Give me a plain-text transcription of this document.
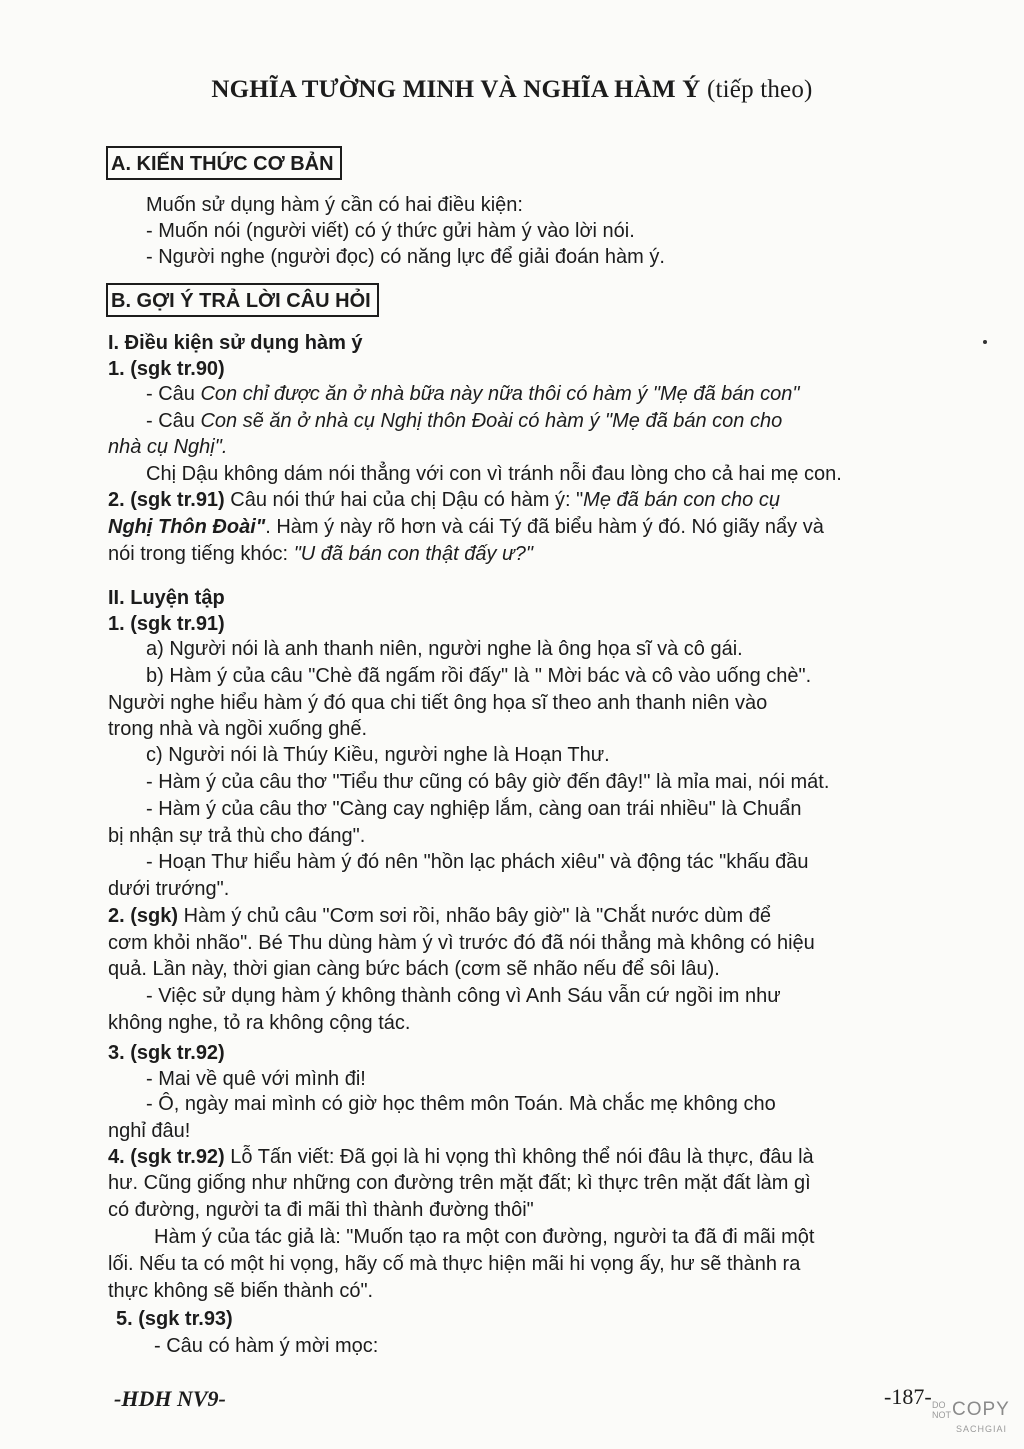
NGHĨA TƯỜNG MINH VÀ NGHĨA HÀM Ý (tiếp theo)
A. KIẾN THỨC CƠ BẢN
Muốn sử dụng hàm ý cần có hai điều kiện:
- Muốn nói (người viết) có ý thức gửi hàm ý vào lời nói.
- Người nghe (người đọc) có năng lực để giải đoán hàm ý.
B. GỢI Ý TRẢ LỜI CÂU HỎI
I. Điều kiện sử dụng hàm ý
1. (sgk tr.90)
- Câu Con chỉ được ăn ở nhà bữa này nữa thôi có hàm ý "Mẹ đã bán con"
- Câu Con sẽ ăn ở nhà cụ Nghị thôn Đoài có hàm ý "Mẹ đã bán con cho
nhà cụ Nghị".
Chị Dậu không dám nói thẳng với con vì tránh nỗi đau lòng cho cả hai mẹ con.
2. (sgk tr.91) Câu nói thứ hai của chị Dậu có hàm ý: "Mẹ đã bán con cho cụ
Nghị Thôn Đoài". Hàm ý này rõ hơn và cái Tý đã biểu hàm ý đó. Nó giãy nẩy và
nói trong tiếng khóc: "U đã bán con thật đấy ư?"
II. Luyện tập
1. (sgk tr.91)
a) Người nói là anh thanh niên, người nghe là ông họa sĩ và cô gái.
b) Hàm ý của câu "Chè đã ngấm rồi đấy" là " Mời bác và cô vào uống chè".
Người nghe hiểu hàm ý đó qua chi tiết ông họa sĩ theo anh thanh niên vào
trong nhà và ngồi xuống ghế.
c) Người nói là Thúy Kiều, người nghe là Hoạn Thư.
- Hàm ý của câu thơ "Tiểu thư cũng có bây giờ đến đây!" là mỉa mai, nói mát.
- Hàm ý của câu thơ "Càng cay nghiệp lắm, càng oan trái nhiều" là Chuẩn
bị nhận sự trả thù cho đáng".
- Hoạn Thư hiểu hàm ý đó nên "hồn lạc phách xiêu" và động tác "khấu đầu
dưới trướng".
2. (sgk) Hàm ý chủ câu "Cơm sơi rồi, nhão bây giờ" là "Chắt nước dùm để
cơm khỏi nhão". Bé Thu dùng hàm ý vì trước đó đã nói thẳng mà không có hiệu
quả. Lần này, thời gian càng bức bách (cơm sẽ nhão nếu để sôi lâu).
- Việc sử dụng hàm ý không thành công vì Anh Sáu vẫn cứ ngồi im như
không nghe, tỏ ra không cộng tác.
3. (sgk tr.92)
- Mai về quê với mình đi!
- Ô, ngày mai mình có giờ học thêm môn Toán. Mà chắc mẹ không cho
nghỉ đâu!
4. (sgk tr.92) Lỗ Tấn viết: Đã gọi là hi vọng thì không thể nói đâu là thực, đâu là
hư. Cũng giống như những con đường trên mặt đất; kì thực trên mặt đất làm gì
có đường, người ta đi mãi thì thành đường thôi"
Hàm ý của tác giả là: "Muốn tạo ra một con đường, người ta đã đi mãi một
lối. Nếu ta có một hi vọng, hãy cố mà thực hiện mãi hi vọng ấy, hư sẽ thành ra
thực không sẽ biến thành có".
5. (sgk tr.93)
- Câu có hàm ý mời mọc:
-HDH NV9-	-187- DO
NOT COPY
SACHGIAI
